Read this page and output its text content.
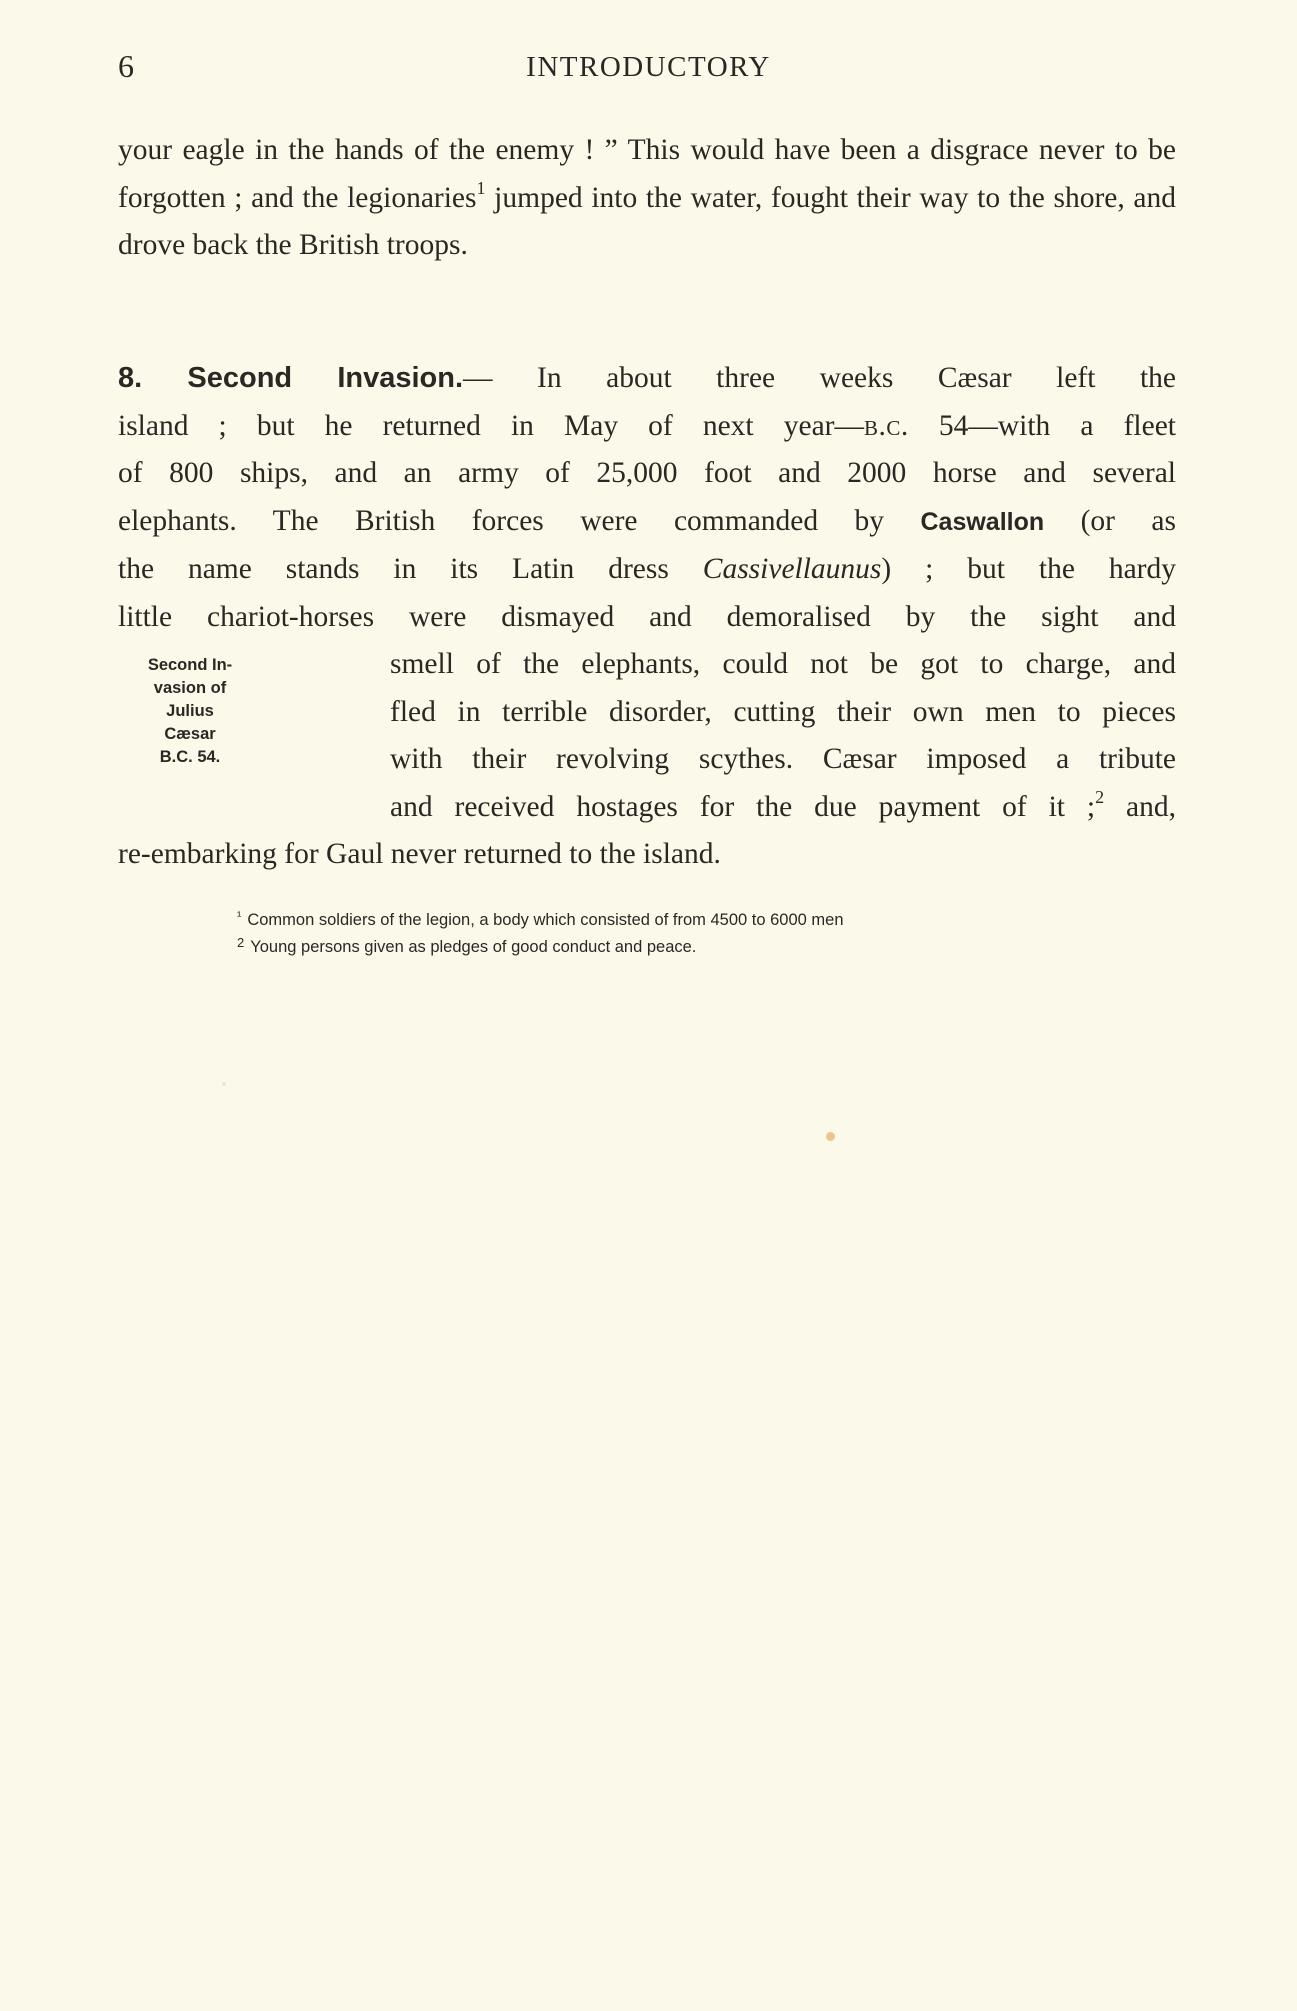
6	INTRODUCTORY
your eagle in the hands of the enemy ! ” This would have been a disgrace never to be forgotten ; and the legionaries$^1$ jumped into the water, fought their way to the shore, and drove back the British troops.
8. Second Invasion.— In about three weeks Cæsar left the
island ; but he returned in May of next year—b.c. 54—with a fleet
of 800 ships, and an army of 25,000 foot and 2000 horse and several
elephants. The British forces were commanded by Caswallon (or as
the name stands in its Latin dress Cassivellaunus) ; but the hardy
little chariot-horses were dismayed and demoralised by the sight and
smell of the elephants, could not be got to charge, and
fled in terrible disorder, cutting their own men to pieces
with their revolving scythes. Cæsar imposed a tribute
and received hostages for the due payment of it ;$^2$ and,
re-embarking for Gaul never returned to the island.
Second In-
vasion of
Julius
Cæsar
B.C. 54.
$^{^1}$ Common soldiers of the legion, a body which consisted of from 4500 to 6000 men
$^2$ Young persons given as pledges of good conduct and peace.
